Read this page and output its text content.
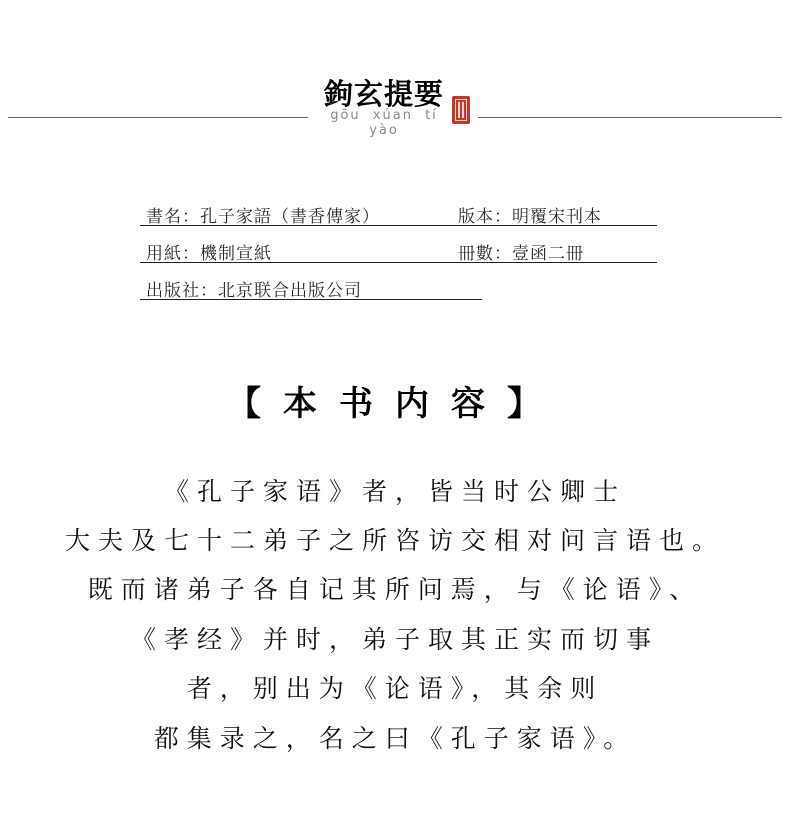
鉤玄提要
gōu xúan tí yào
書名：孔子家語（書香傳家）	版本：明覆宋刊本
用紙：機制宣紙	冊數：壹函二冊
出版社：北京联合出版公司
【本书内容】
《孔子家语》者，皆当时公卿士
大夫及七十二弟子之所咨访交相对问言语也。
既而诸弟子各自记其所问焉，与《论语》、
《孝经》并时，弟子取其正实而切事
者，别出为《论语》，其余则
都集录之，名之曰《孔子家语》。
